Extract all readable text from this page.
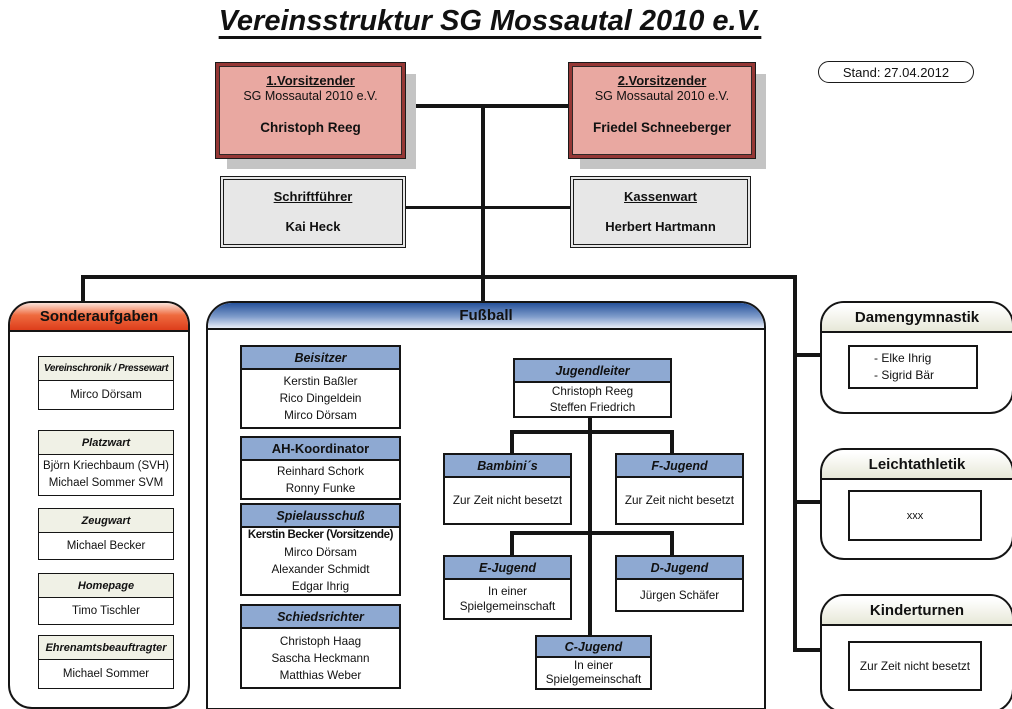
Vereinsstruktur SG Mossautal 2010 e.V.
Stand: 27.04.2012
1.Vorsitzender
SG Mossautal 2010 e.V.
Christoph Reeg
2.Vorsitzender
SG Mossautal 2010 e.V.
Friedel Schneeberger
Schriftführer
Kai Heck
Kassenwart
Herbert Hartmann
Sonderaufgaben
Vereinschronik / Pressewart
Mirco Dörsam
Platzwart
Björn Kriechbaum (SVH)
Michael Sommer SVM
Zeugwart
Michael Becker
Homepage
Timo Tischler
Ehrenamtsbeauftragter
Michael Sommer
Fußball
Beisitzer
Kerstin Baßler
Rico Dingeldein
Mirco Dörsam
AH-Koordinator
Reinhard Schork
Ronny Funke
Spielausschuß
Kerstin Becker (Vorsitzende)
Mirco Dörsam
Alexander Schmidt
Edgar Ihrig
Schiedsrichter
Christoph Haag
Sascha Heckmann
Matthias Weber
Jugendleiter
Christoph Reeg
Steffen Friedrich
Bambini´s
Zur Zeit nicht besetzt
F-Jugend
Zur Zeit nicht besetzt
E-Jugend
In einer
Spielgemeinschaft
D-Jugend
Jürgen Schäfer
C-Jugend
In einer
Spielgemeinschaft
Damengymnastik
- Elke Ihrig
- Sigrid Bär
Leichtathletik
xxx
Kinderturnen
Zur Zeit nicht besetzt
